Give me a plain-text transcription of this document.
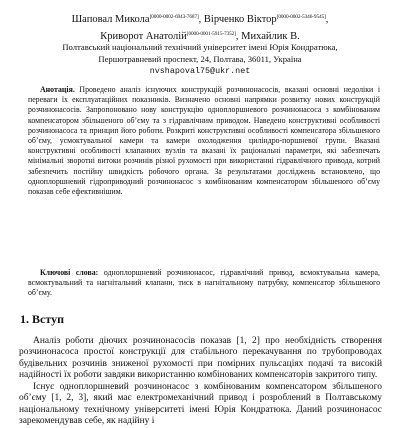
Шаповал Микола[0000-0002-6943-7687], Вірченко Віктор[0000-0002-5346-9545],
Криворот Анатолій[0000-0001-5915-7352], Михайлик В.
Полтавський національний технічний університет імені Юрія Кондратюка,
Першотравневий проспект, 24, Полтава, 36011, Україна
nvshapoval75@ukr.net

Анотація. Проведено аналіз існуючих конструкцій розчинонасосів, вказані основні недоліки і переваги їх експлуатаційних показників. Визначено основні напрямки розвитку нових конструкцій розчинонасосів. Запропоновано нову конструкцію одноплоршневого розчинонасоса з комбінованим компенсатором збільшеного об’єму та з гідравлічним приводом. Наведено конструктивні особливості розчинонасоса та принцип його роботи. Розкриті конструктивні особливості компенсатора збільшеного об’єму, усмоктувальної камери та камери охолодження циліндро-поршневої групи. Вказані конструктивні особливості клапанних вузлів та вказані їх раціональні параметри, які забезпечать мінімальні зворотні витоки розчинів різної рухомості при використанні гідравлічного привода, котрий забезпечить постійну швидкість робочого органа. За результатами досліджень встановлено, що одноплоршневий гідроприводний розчинонасос з комбінованим компенсатором збільшеного об’єму показав себе ефективнішим.

Ключові слова: одноплоршневий розчинонасос, гідравлічний привод, всмоктувальна камера, всмоктувальний та нагнітальний клапани, тиск в нагнітальному патрубку, компенсатор збільшеного об’єму.

1. Вступ

Аналіз роботи діючих розчинонасосів показав [1, 2] про необхідність створення розчинонасоса простої конструкції для стабільного перекачування по трубопроводах будівельних розчинів зниженої рухомості при помірних пульсаціях подачі та високій надійності їх роботи завдяки використанню комбінованих компенсаторів закритого типу.

Існує одноплоршневий розчинонасос з комбінованим компенсатором збільшеного об’єму [1, 2, 3], який має електромеханічний привод і розроблений в Полтавському національному технічному університеті імені Юрія Кондратюка. Даний розчинонасос зарекомендував себе, як надійну і
